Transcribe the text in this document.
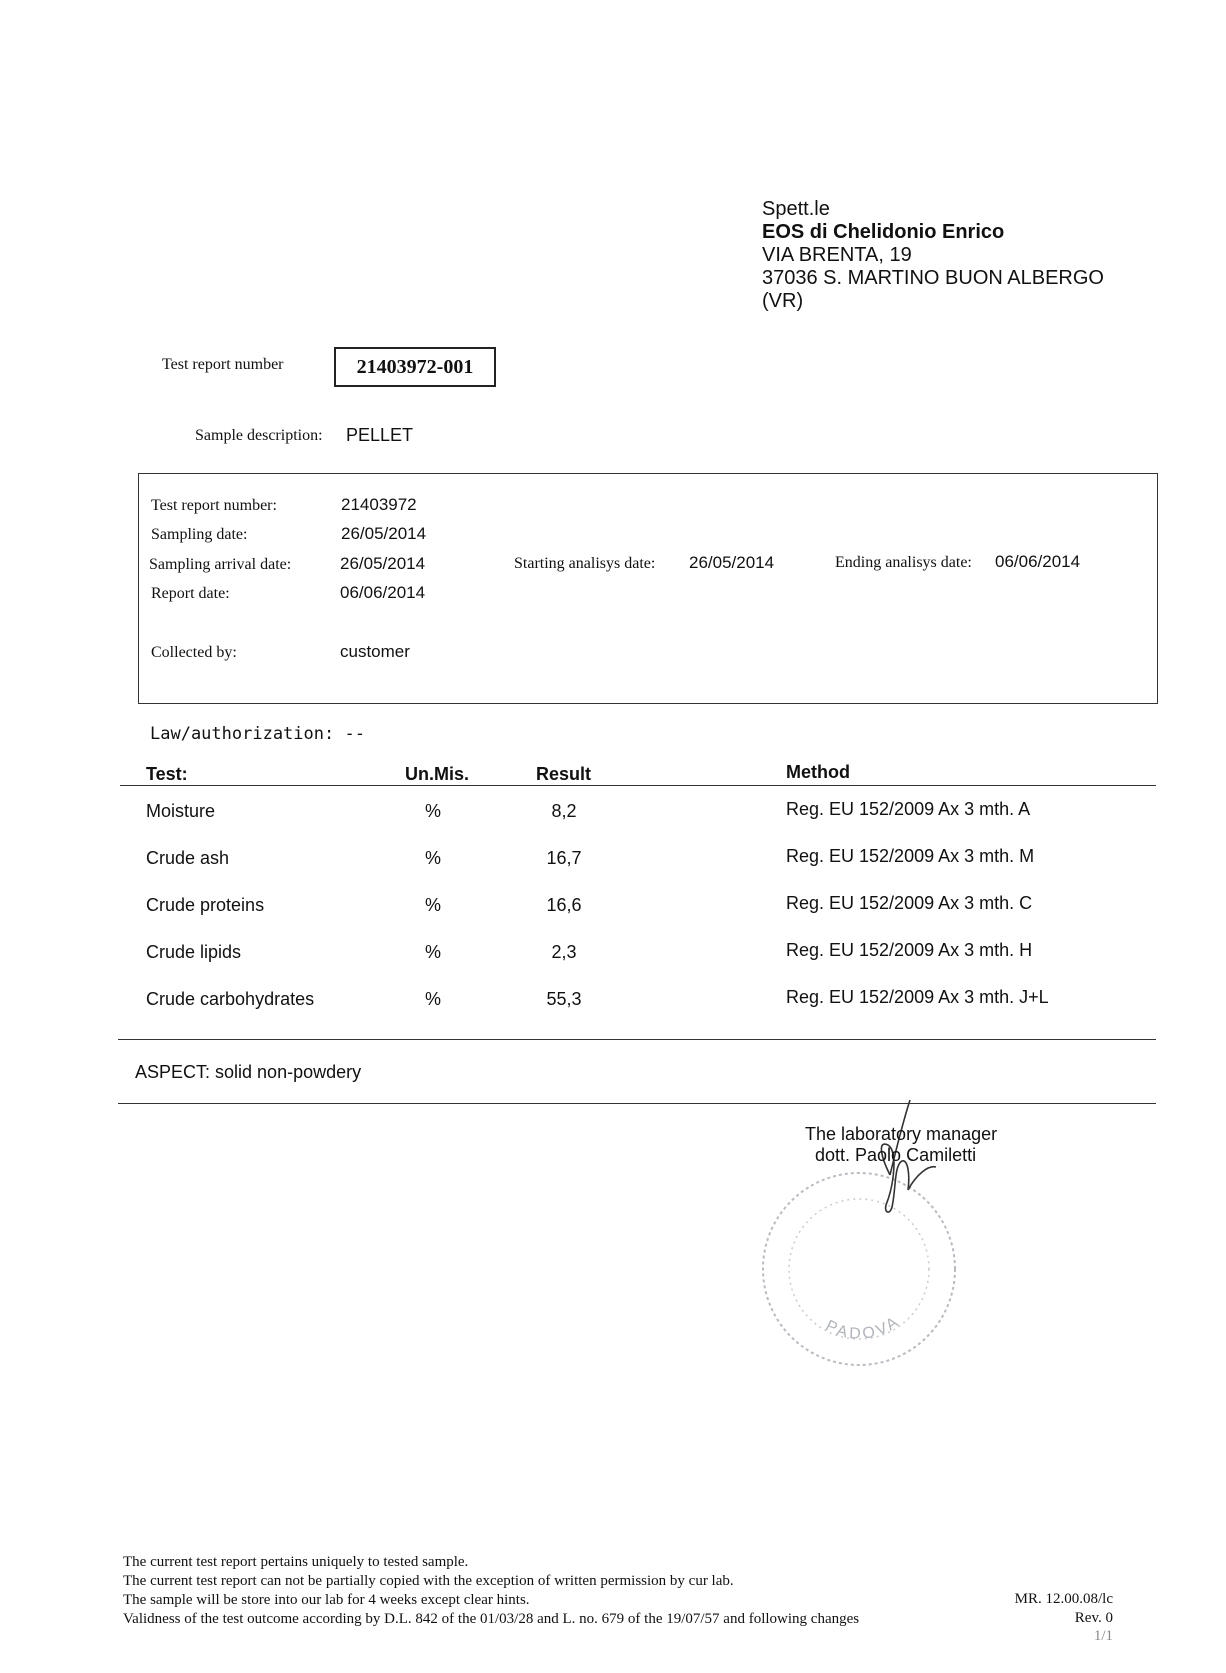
Spett.le
EOS di Chelidonio Enrico
VIA BRENTA, 19
37036 S. MARTINO BUON ALBERGO
(VR)
Test report number	21403972-001
Sample description: PELLET
Test report number:	21403972
Sampling date:	26/05/2014
Sampling arrival date:	26/05/2014	Starting analisys date: 26/05/2014	Ending analisys date: 06/06/2014
Report date:	06/06/2014
Collected by:	customer
Law/authorization: --
Test:	Un.Mis.	Result	Method
Moisture	%	8,2	Reg. EU 152/2009 Ax 3 mth. A
Crude ash	%	16,7	Reg. EU 152/2009 Ax 3 mth. M
Crude proteins	%	16,6	Reg. EU 152/2009 Ax 3 mth. C
Crude lipids	%	2,3	Reg. EU 152/2009 Ax 3 mth. H
Crude carbohydrates	%	55,3	Reg. EU 152/2009 Ax 3 mth. J+L
ASPECT: solid non-powdery
PADOVA
The laboratory manager
dott. Paolo Camiletti
The current test report pertains uniquely to tested sample.
The current test report can not be partially copied with the exception of written permission by cur lab.
The sample will be store into our lab for 4 weeks except clear hints.
Validness of the test outcome according by D.L. 842 of the 01/03/28 and L. no. 679 of the 19/07/57 and following changes
MR. 12.00.08/lc
Rev. 0
1/1
